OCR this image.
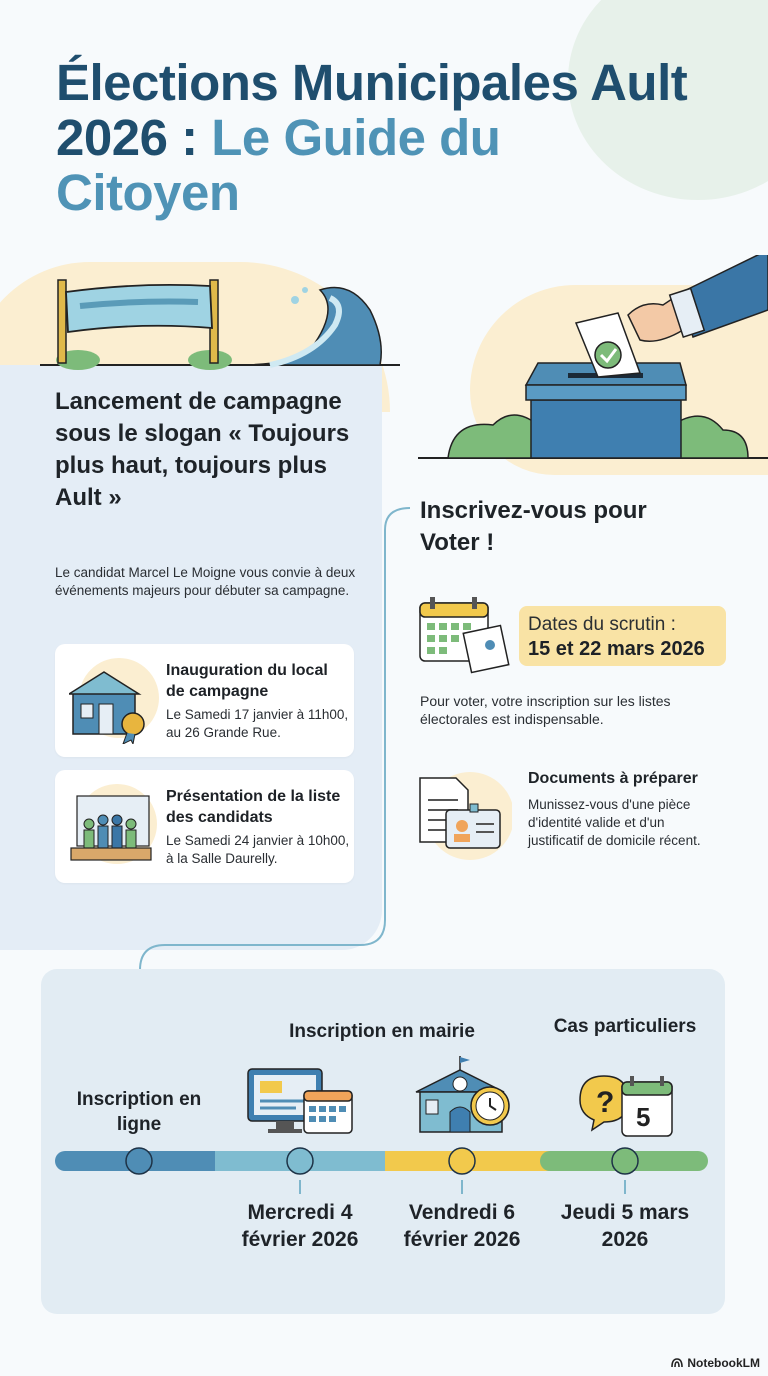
Élections Municipales Ault 2026 : Le Guide du Citoyen
Lancement de campagne sous le slogan « Toujours plus haut, toujours plus Ault »
Le candidat Marcel Le Moigne vous convie à deux événements majeurs pour débuter sa campagne.
Inauguration du local de campagne
Le Samedi 17 janvier à 11h00, au 26 Grande Rue.
Présentation de la liste des candidats
Le Samedi 24 janvier à 10h00, à la Salle Daurelly.
Inscrivez-vous pour Voter !
Dates du scrutin :
15 et 22 mars 2026
Pour voter, votre inscription sur les listes électorales est indispensable.
Documents à préparer
Munissez-vous d'une pièce d'identité valide et d'un justificatif de domicile récent.
Inscription en ligne
Inscription en mairie	Cas particuliers
? 5
Mercredi 4 février 2026
Vendredi 6 février 2026
Jeudi 5 mars 2026
NotebookLM
